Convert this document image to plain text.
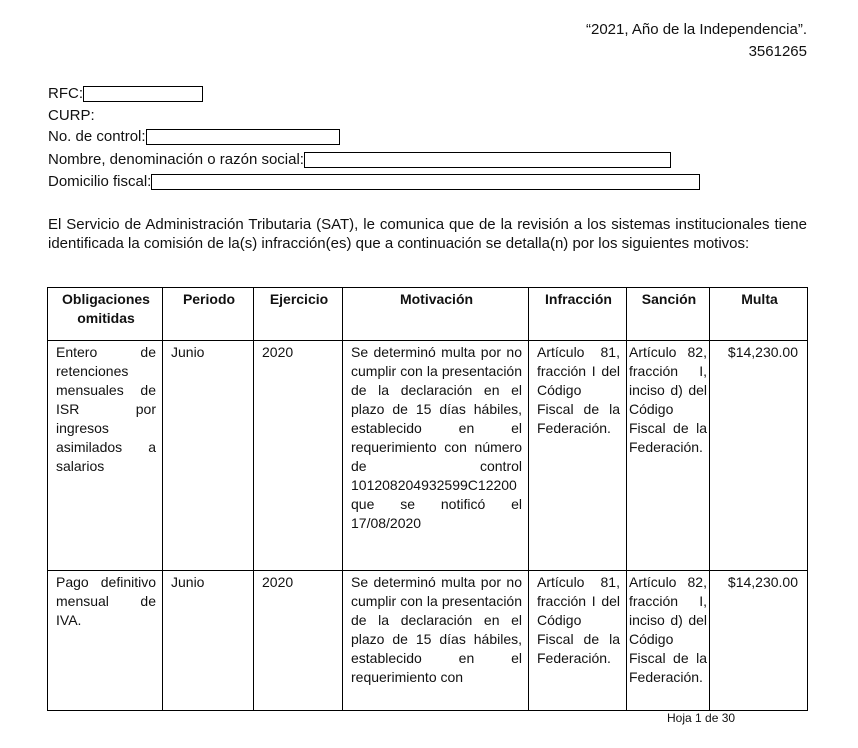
“2021, Año de la Independencia”.
3561265
RFC:
CURP:
No. de control:
Nombre, denominación o razón social:
Domicilio fiscal:
El Servicio de Administración Tributaria (SAT), le comunica que de la revisión a los sistemas institucionales tiene identificada la comisión de la(s) infracción(es) que a continuación se detalla(n) por los siguientes motivos:
Obligaciones omitidas	Periodo	Ejercicio	Motivación	Infracción	Sanción	Multa
Entero de retenciones mensuales de ISR por ingresos asimilados a salarios	Junio	2020	Se determinó multa por no cumplir con la presentación de la declaración en el plazo de 15 días hábiles, establecido en el requerimiento con número de control 101208204932599C12200 que se notificó el 17/08/2020	Artículo 81, fracción I del Código Fiscal de la Federación.	Artículo 82, fracción I, inciso d) del Código Fiscal de la Federación.	$14,230.00
Pago definitivo mensual de IVA.	Junio	2020	Se determinó multa por no cumplir con la presentación de la declaración en el plazo de 15 días hábiles, establecido en el requerimiento con	Artículo 81, fracción I del Código Fiscal de la Federación.	Artículo 82, fracción I, inciso d) del Código Fiscal de la Federación.	$14,230.00
Hoja 1 de 30
